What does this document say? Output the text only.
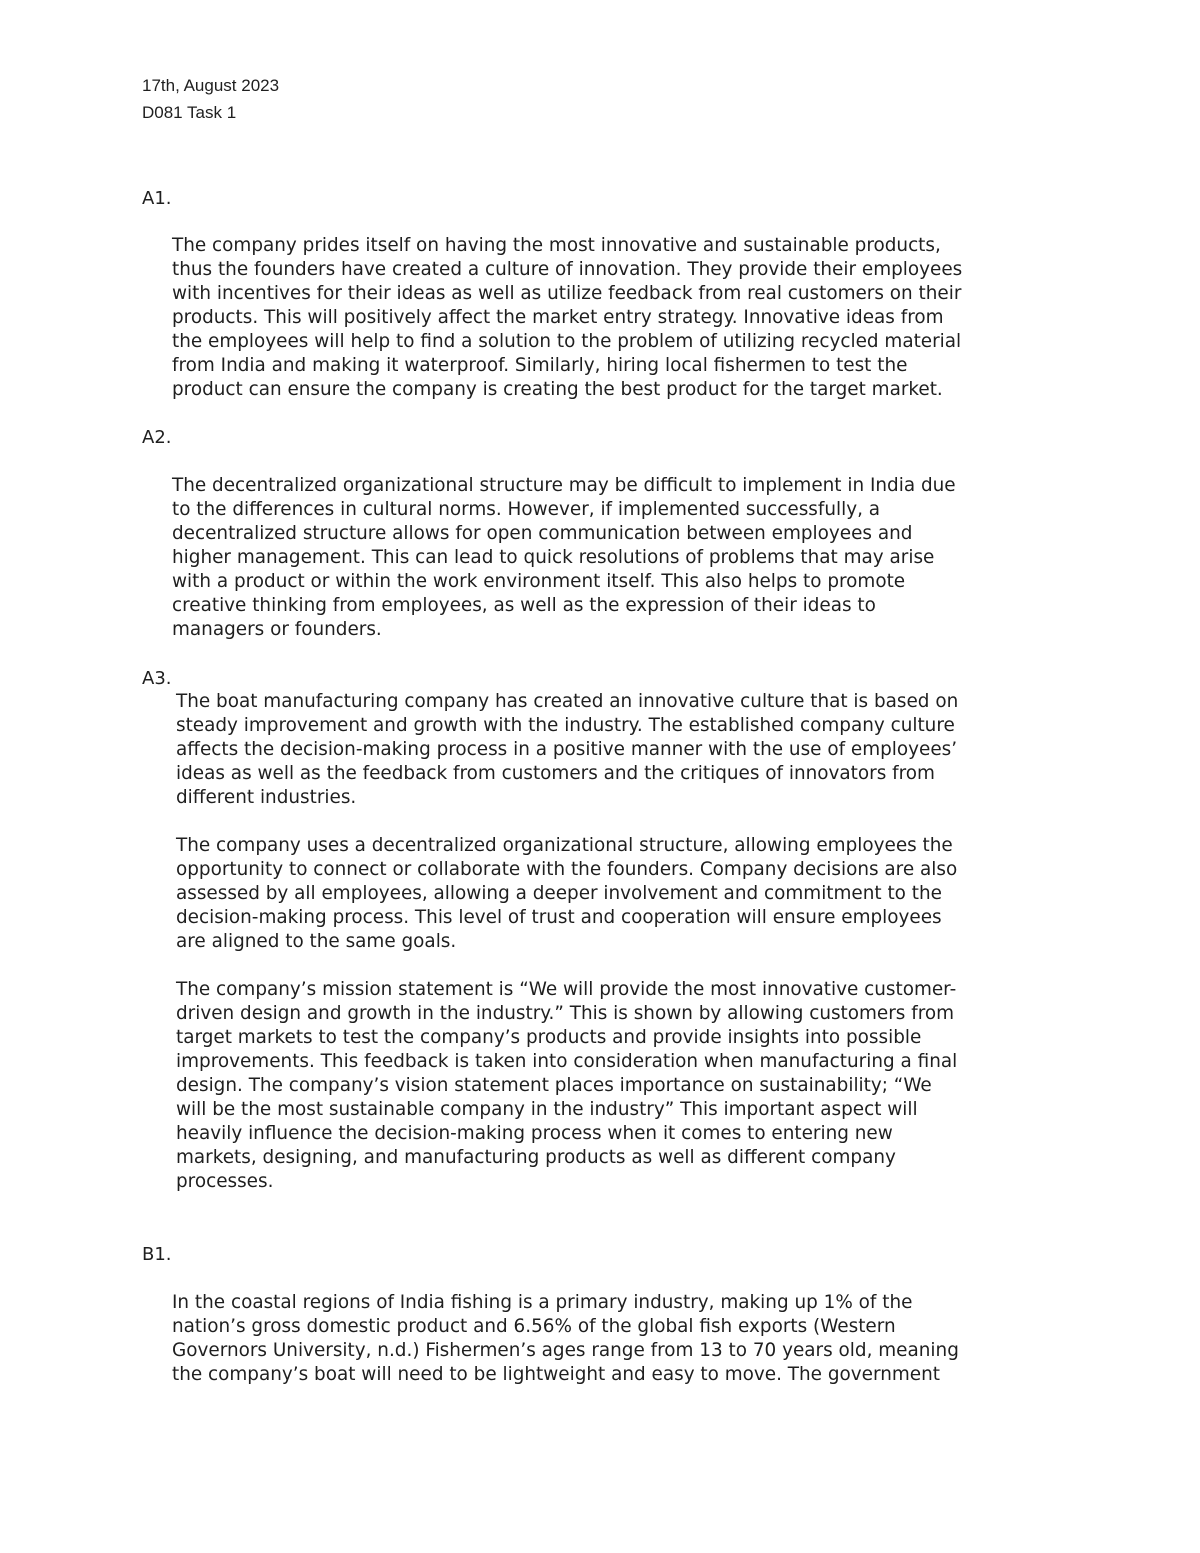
17th, August 2023
D081 Task 1
A1.

The company prides itself on having the most innovative and sustainable products,
thus the founders have created a culture of innovation. They provide their employees
with incentives for their ideas as well as utilize feedback from real customers on their
products. This will positively affect the market entry strategy. Innovative ideas from
the employees will help to find a solution to the problem of utilizing recycled material
from India and making it waterproof. Similarly, hiring local fishermen to test the
product can ensure the company is creating the best product for the target market.

A2.

The decentralized organizational structure may be difficult to implement in India due
to the differences in cultural norms. However, if implemented successfully, a
decentralized structure allows for open communication between employees and
higher management. This can lead to quick resolutions of problems that may arise
with a product or within the work environment itself. This also helps to promote
creative thinking from employees, as well as the expression of their ideas to
managers or founders.

A3.

The boat manufacturing company has created an innovative culture that is based on
steady improvement and growth with the industry. The established company culture
affects the decision-making process in a positive manner with the use of employees’
ideas as well as the feedback from customers and the critiques of innovators from
different industries.

The company uses a decentralized organizational structure, allowing employees the
opportunity to connect or collaborate with the founders. Company decisions are also
assessed by all employees, allowing a deeper involvement and commitment to the
decision-making process. This level of trust and cooperation will ensure employees
are aligned to the same goals.

The company’s mission statement is “We will provide the most innovative customer-
driven design and growth in the industry.” This is shown by allowing customers from
target markets to test the company’s products and provide insights into possible
improvements. This feedback is taken into consideration when manufacturing a final
design. The company’s vision statement places importance on sustainability; “We
will be the most sustainable company in the industry” This important aspect will
heavily influence the decision-making process when it comes to entering new
markets, designing, and manufacturing products as well as different company
processes.

B1.

In the coastal regions of India fishing is a primary industry, making up 1% of the
nation’s gross domestic product and 6.56% of the global fish exports (Western
Governors University, n.d.) Fishermen’s ages range from 13 to 70 years old, meaning
the company’s boat will need to be lightweight and easy to move. The government
